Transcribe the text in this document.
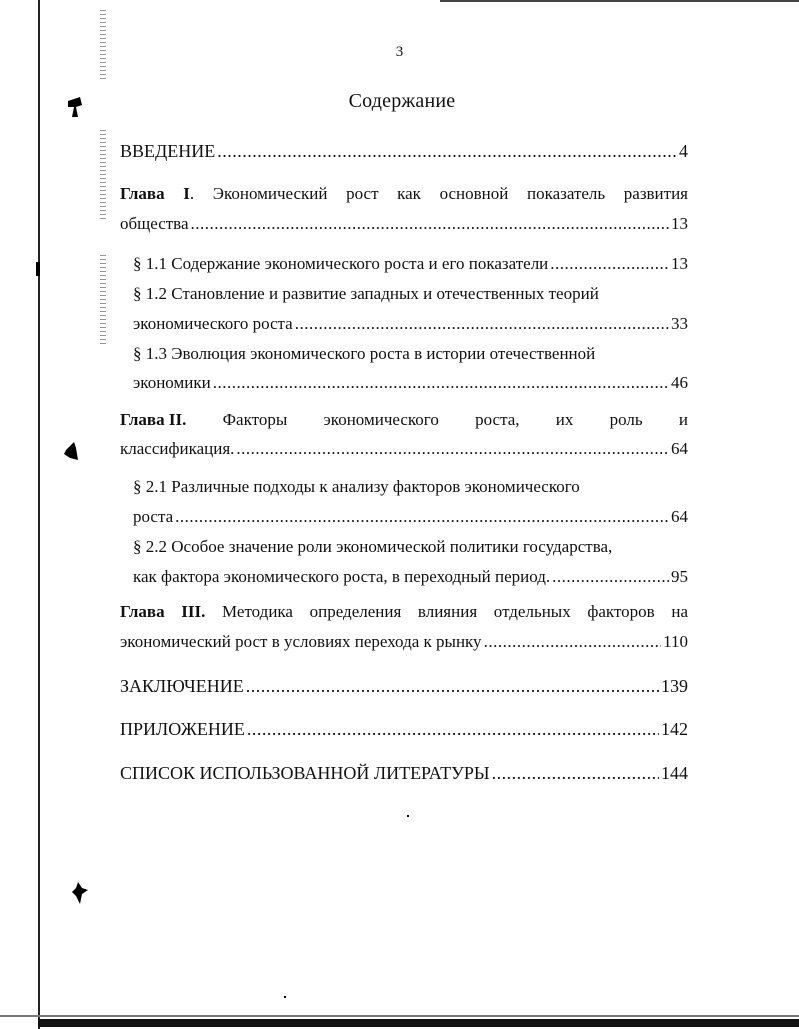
3
Содержание
ВВЕДЕНИЕ .....	4
Глава I. Экономический рост как основной показатель развития
общества .....	13
§ 1.1 Содержание экономического роста и его показатели .....	13
§ 1.2 Становление и развитие западных и отечественных теорий
экономического роста .....	33
§ 1.3 Эволюция экономического роста в истории отечественной
экономики .....	46
Глава II. Факторы экономического роста, их роль и
классификация. .....	64
§ 2.1 Различные подходы к анализу факторов экономического
роста .....	64
§ 2.2 Особое значение роли экономической политики государства,
как фактора экономического роста, в переходный период. .....	95
Глава III. Методика определения влияния отдельных факторов на
экономический рост в условиях перехода к рынку .....	110
ЗАКЛЮЧЕНИЕ .....	139
ПРИЛОЖЕНИЕ .....	142
СПИСОК ИСПОЛЬЗОВАННОЙ ЛИТЕРАТУРЫ .....	144
